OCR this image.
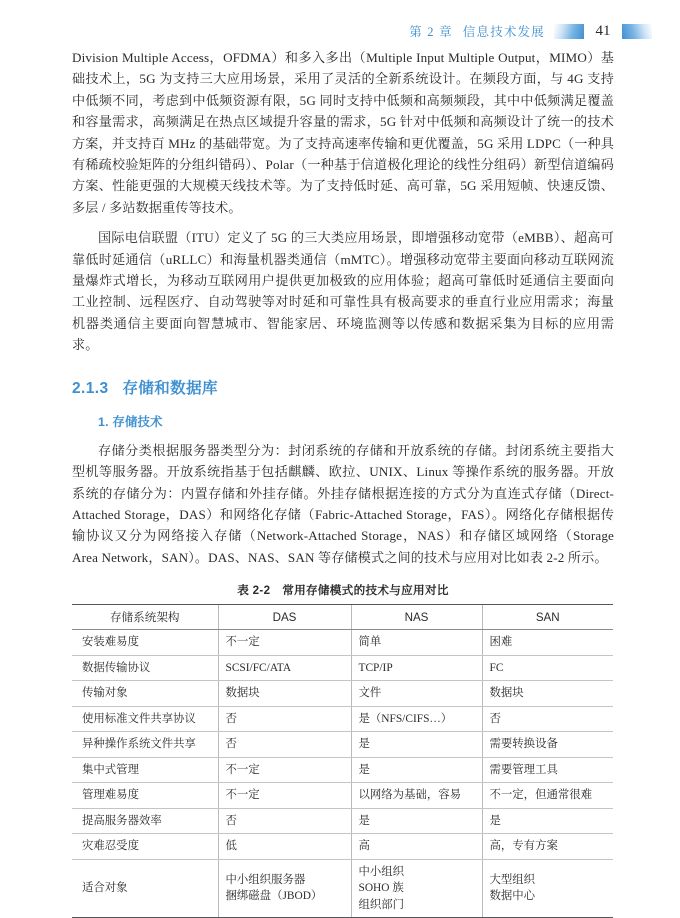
第 2 章 信息技术发展	41

Division Multiple Access，OFDMA）和多入多出（Multiple Input Multiple Output，MIMO）基础技术上，5G 为支持三大应用场景，采用了灵活的全新系统设计。在频段方面，与 4G 支持中低频不同，考虑到中低频资源有限，5G 同时支持中低频和高频频段，其中中低频满足覆盖和容量需求，高频满足在热点区域提升容量的需求，5G 针对中低频和高频设计了统一的技术方案，并支持百 MHz 的基础带宽。为了支持高速率传输和更优覆盖，5G 采用 LDPC（一种具有稀疏校验矩阵的分组纠错码）、Polar（一种基于信道极化理论的线性分组码）新型信道编码方案、性能更强的大规模天线技术等。为了支持低时延、高可靠，5G 采用短帧、快速反馈、多层 / 多站数据重传等技术。

国际电信联盟（ITU）定义了 5G 的三大类应用场景，即增强移动宽带（eMBB）、超高可靠低时延通信（uRLLC）和海量机器类通信（mMTC）。增强移动宽带主要面向移动互联网流量爆炸式增长，为移动互联网用户提供更加极致的应用体验；超高可靠低时延通信主要面向工业控制、远程医疗、自动驾驶等对时延和可靠性具有极高要求的垂直行业应用需求；海量机器类通信主要面向智慧城市、智能家居、环境监测等以传感和数据采集为目标的应用需求。

2.1.3 存储和数据库
1. 存储技术

存储分类根据服务器类型分为：封闭系统的存储和开放系统的存储。封闭系统主要指大型机等服务器。开放系统指基于包括麒麟、欧拉、UNIX、Linux 等操作系统的服务器。开放系统的存储分为：内置存储和外挂存储。外挂存储根据连接的方式分为直连式存储（Direct-Attached Storage，DAS）和网络化存储（Fabric-Attached Storage，FAS）。网络化存储根据传输协议又分为网络接入存储（Network-Attached Storage，NAS）和存储区域网络（Storage Area Network，SAN）。DAS、NAS、SAN 等存储模式之间的技术与应用对比如表 2-2 所示。

表 2-2　常用存储模式的技术与应用对比
存储系统架构	DAS	NAS	SAN

安装难易度	不一定	简单	困难

数据传输协议	SCSI/FC/ATA	TCP/IP	FC

传输对象	数据块	文件	数据块

使用标准文件共享协议	否	是（NFS/CIFS…）	否

异种操作系统文件共享	否	是	需要转换设备

集中式管理	不一定	是	需要管理工具

管理难易度	不一定	以网络为基础，容易	不一定，但通常很难

提高服务器效率	否	是	是

灾难忍受度	低	高	高，专有方案

适合对象	中小组织服务器
捆绑磁盘（JBOD）	中小组织
SOHO 族
组织部门	大型组织
数据中心
